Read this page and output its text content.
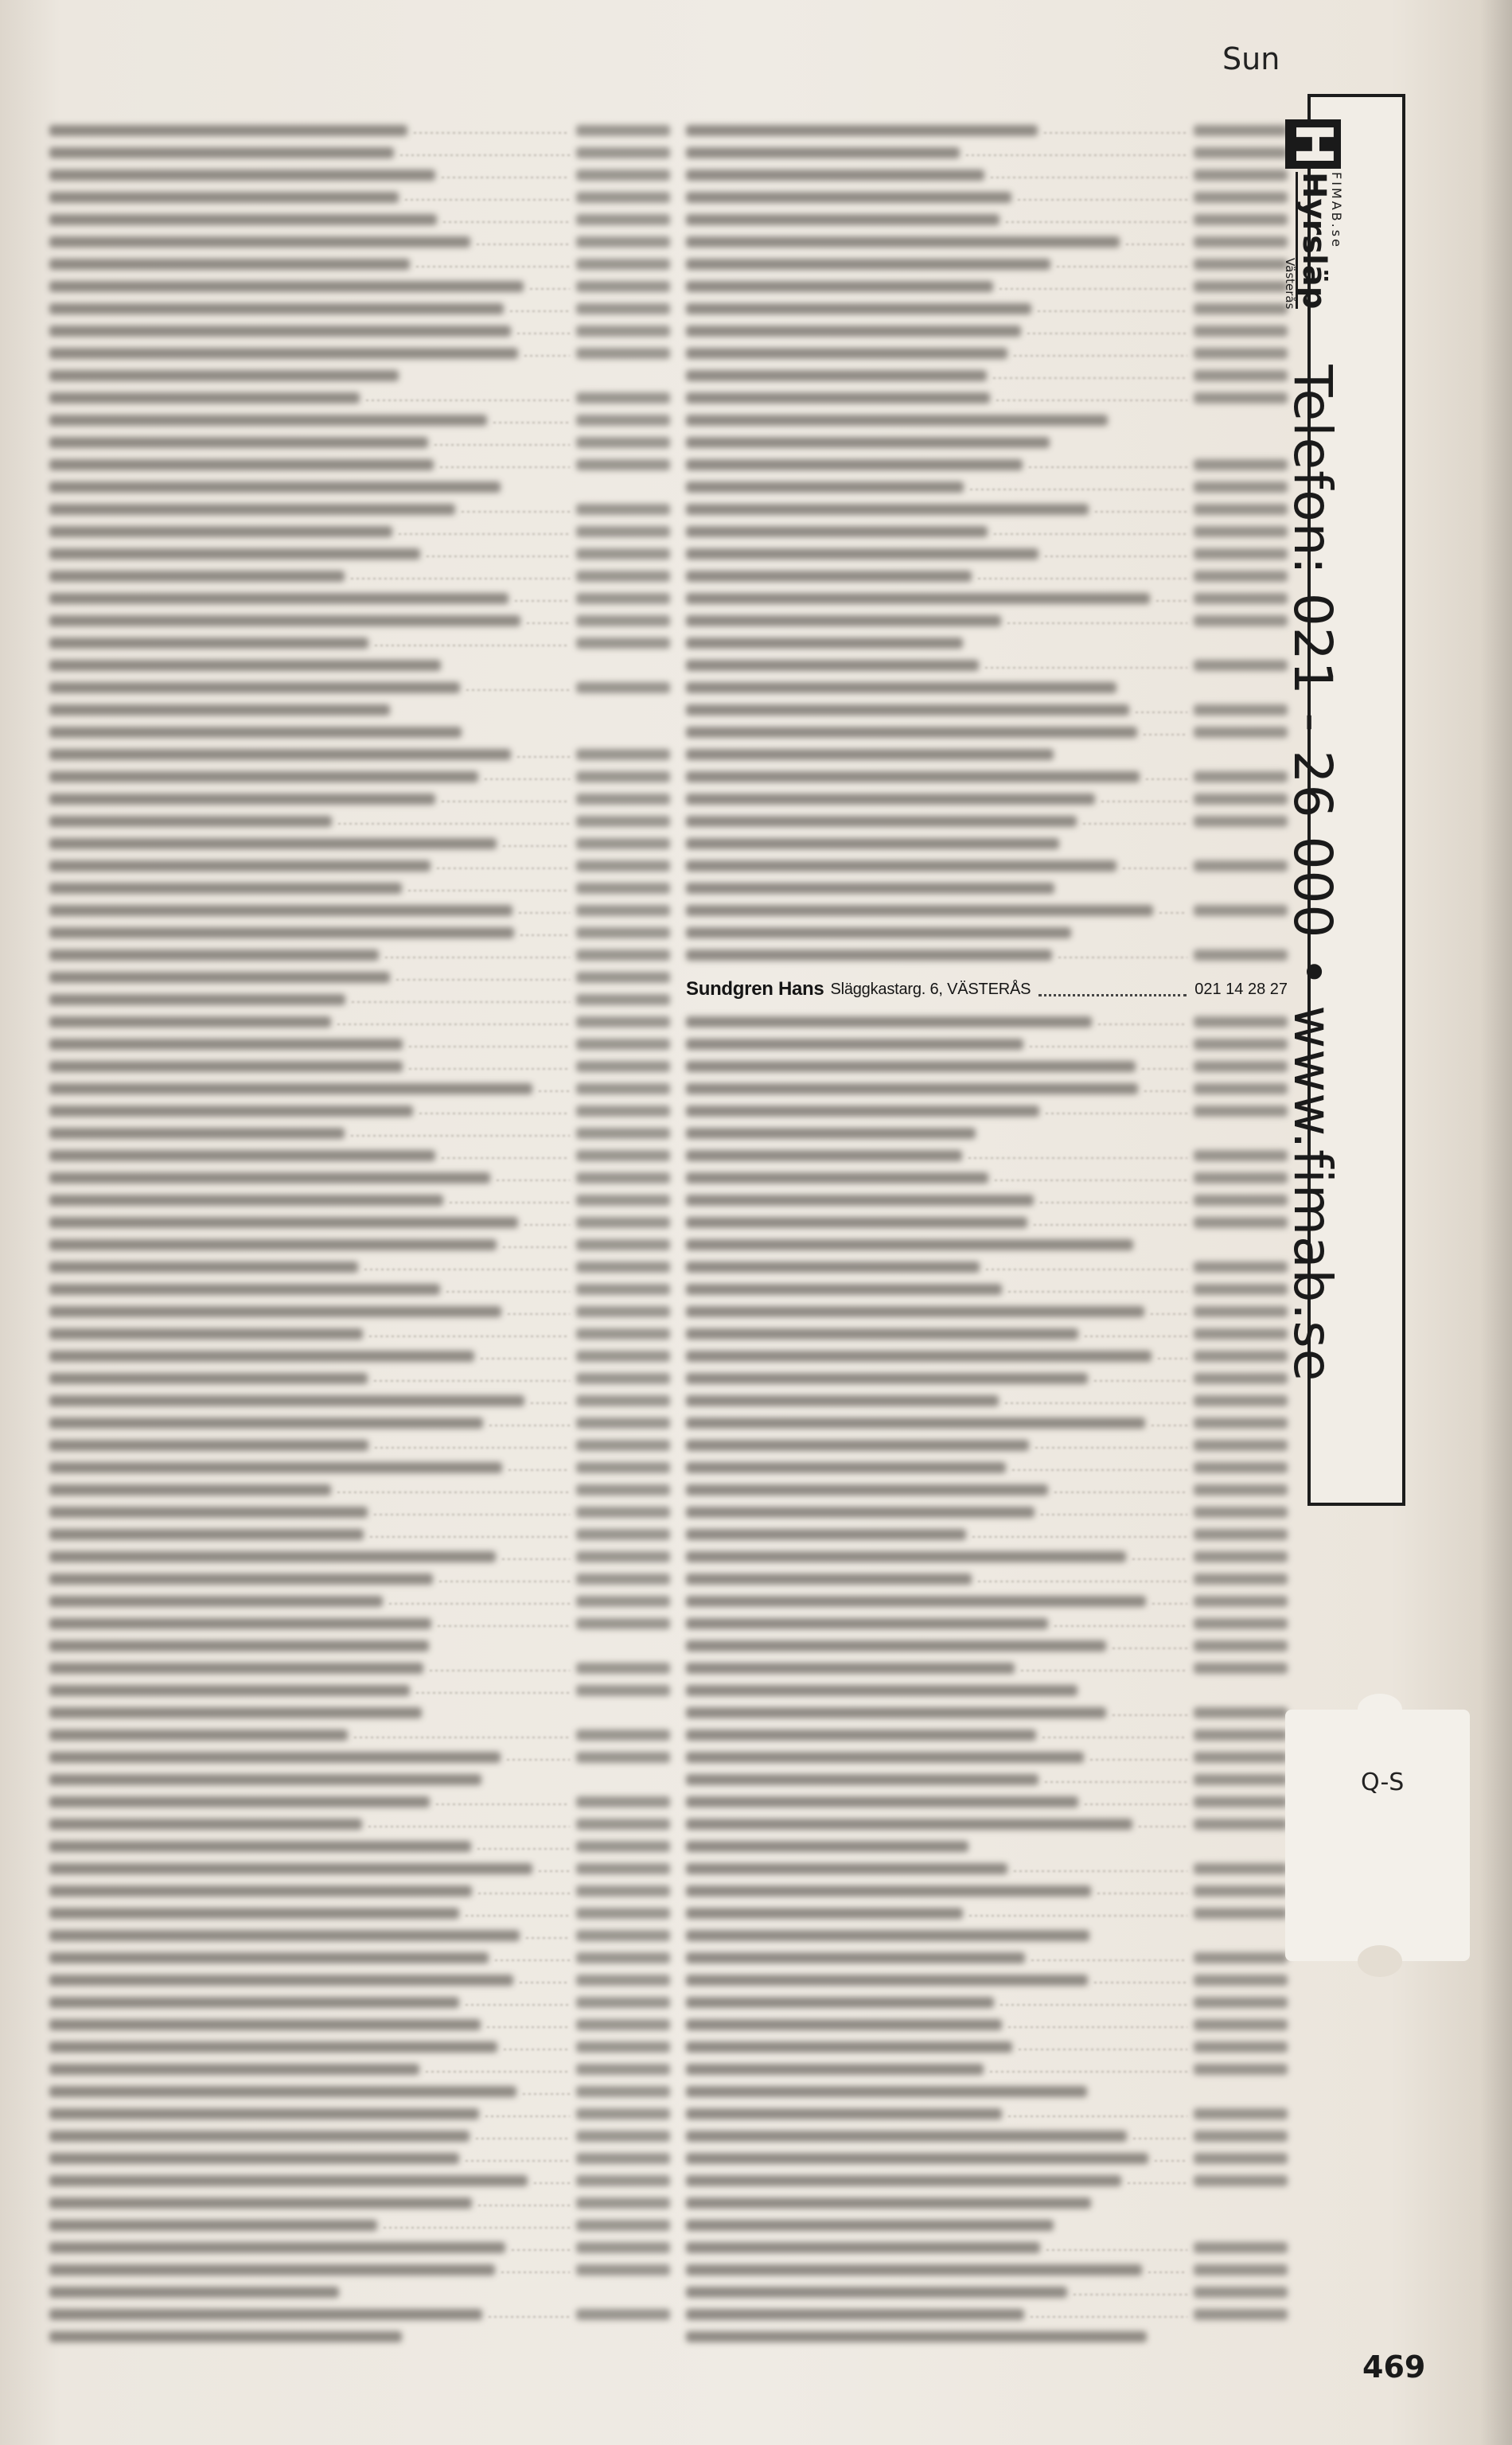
Sun
Sundgren Hans Släggkastarg. 6, VÄSTERÅS	021 14 28 27
H
FIMAB.se
Hyrsläp
Västerås
Telefon: 021 - 26 000 • www.fimab.se
Q-S
469
